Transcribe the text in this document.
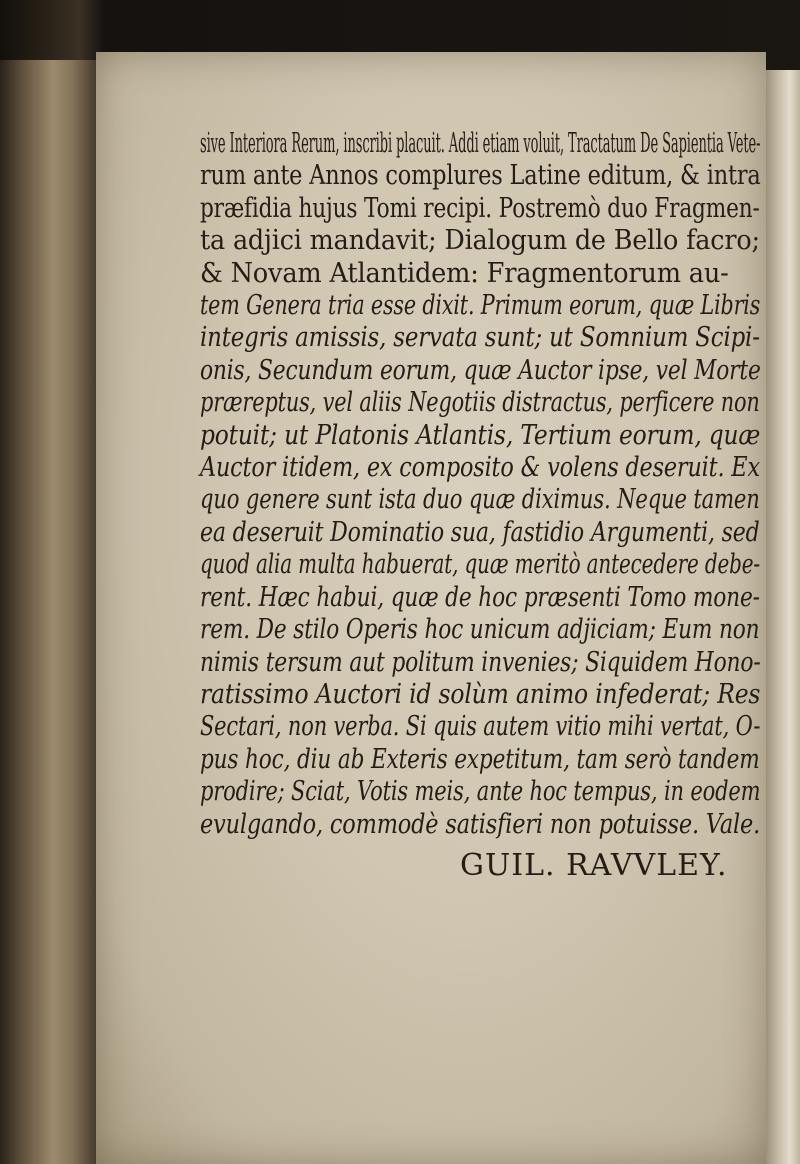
sive Interiora Rerum, inscribi placuit. Addi etiam voluit, Tractatum De Sapientia Vete-

rum ante Annos complures Latine editum, & intra

præfidia hujus Tomi recipi. Postremò duo Fragmen-

ta adjici mandavit; Dialogum de Bello facro;

& Novam Atlantidem: Fragmentorum au-

tem Genera tria esse dixit. Primum eorum, quæ Libris

integris amissis, servata sunt; ut Somnium Scipi-

onis, Secundum eorum, quæ Auctor ipse, vel Morte

præreptus, vel aliis Negotiis distractus, perficere non

potuit; ut Platonis Atlantis, Tertium eorum, quæ

Auctor itidem, ex composito & volens deseruit. Ex

quo genere sunt ista duo quæ diximus. Neque tamen

ea deseruit Dominatio sua, fastidio Argumenti, sed

quod alia multa habuerat, quæ meritò antecedere debe-

rent. Hæc habui, quæ de hoc præsenti Tomo mone-

rem. De stilo Operis hoc unicum adjiciam; Eum non

nimis tersum aut politum invenies; Siquidem Hono-

ratissimo Auctori id solùm animo infederat; Res

Sectari, non verba. Si quis autem vitio mihi vertat, O-

pus hoc, diu ab Exteris expetitum, tam serò tandem

prodire; Sciat, Votis meis, ante hoc tempus, in eodem

evulgando, commodè satisfieri non potuisse. Vale.

GUIL. RAVVLEY.
